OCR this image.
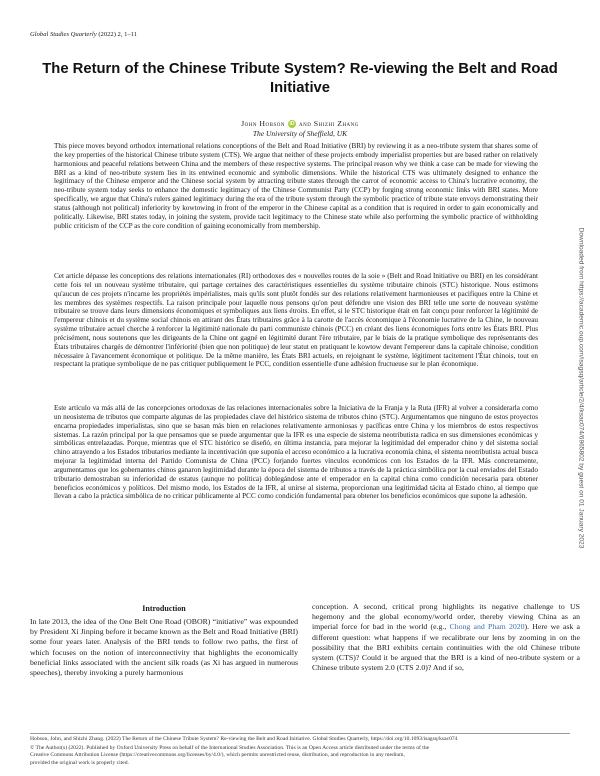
Global Studies Quarterly (2022) 2, 1–11
The Return of the Chinese Tribute System? Re-viewing the Belt and Road Initiative
John Hobson iD and Shizhi Zhang
The University of Sheffield, UK

This piece moves beyond orthodox international relations conceptions of the Belt and Road Initiative (BRI) by reviewing it as a neo-tribute system that shares some of the key properties of the historical Chinese tribute system (CTS). We argue that neither of these projects embody imperialist properties but are based rather on relatively harmonious and peaceful relations between China and the members of these respective systems. The principal reason why we think a case can be made for viewing the BRI as a kind of neo-tribute system lies in its entwined economic and symbolic dimensions. While the historical CTS was ultimately designed to enhance the legitimacy of the Chinese emperor and the Chinese social system by attracting tribute states through the carrot of economic access to China's lucrative economy, the neo-tribute system today seeks to enhance the domestic legitimacy of the Chinese Communist Party (CCP) by forging strong economic links with BRI states. More specifically, we argue that China's rulers gained legitimacy during the era of the tribute system through the symbolic practice of tribute state envoys demonstrating their status (although not political) inferiority by kowtowing in front of the emperor in the Chinese capital as a condition that is required in order to gain economically and politically. Likewise, BRI states today, in joining the system, provide tacit legitimacy to the Chinese state while also performing the symbolic practice of withholding public criticism of the CCP as the core condition of gaining economically from membership.

Cet article dépasse les conceptions des relations internationales (RI) orthodoxes des « nouvelles routes de la soie » (Belt and Road Initiative ou BRI) en les considérant cette fois tel un nouveau système tributaire, qui partage certaines des caractéristiques essentielles du système tributaire chinois (STC) historique. Nous estimons qu'aucun de ces projets n'incarne les propriétés impérialistes, mais qu'ils sont plutôt fondés sur des relations relativement harmonieuses et pacifiques entre la Chine et les membres des systèmes respectifs. La raison principale pour laquelle nous pensons qu'on peut défendre une vision des BRI telle une sorte de nouveau système tributaire se trouve dans leurs dimensions économiques et symboliques aux liens étroits. En effet, si le STC historique était en fait conçu pour renforcer la légitimité de l'empereur chinois et du système social chinois en attirant des États tributaires grâce à la carotte de l'accès économique à l'économie lucrative de la Chine, le nouveau système tributaire actuel cherche à renforcer la légitimité nationale du parti communiste chinois (PCC) en créant des liens économiques forts entre les États BRI. Plus précisément, nous soutenons que les dirigeants de la Chine ont gagné en légitimité durant l'ère tributaire, par le biais de la pratique symbolique des représentants des États tributaires chargés de démontrer l'infériorité (bien que non politique) de leur statut en pratiquant le kowtow devant l'empereur dans la capitale chinoise, condition nécessaire à l'avancement économique et politique. De la même manière, les États BRI actuels, en rejoignant le système, légitiment tacitement l'État chinois, tout en respectant la pratique symbolique de ne pas critiquer publiquement le PCC, condition essentielle d'une adhésion fructueuse sur le plan économique.

Este artículo va más allá de las concepciones ortodoxas de las relaciones internacionales sobre la Iniciativa de la Franja y la Ruta (IFR) al volver a considerarla como un neosistema de tributos que comparte algunas de las propiedades clave del histórico sistema de tributos chino (STC). Argumentamos que ninguno de estos proyectos encarna propiedades imperialistas, sino que se basan más bien en relaciones relativamente armoniosas y pacíficas entre China y los miembros de estos respectivos sistemas. La razón principal por la que pensamos que se puede argumentar que la IFR es una especie de sistema neotributista radica en sus dimensiones económicas y simbólicas entrelazadas. Porque, mientras que el STC histórico se diseñó, en última instancia, para mejorar la legitimidad del emperador chino y del sistema social chino atrayendo a los Estados tributarios mediante la incentivación que suponía el acceso económico a la lucrativa economía china, el sistema neotributista actual busca mejorar la legitimidad interna del Partido Comunista de China (PCC) forjando fuertes vínculos económicos con los Estados de la IFR. Más concretamente, argumentamos que los gobernantes chinos ganaron legitimidad durante la época del sistema de tributos a través de la práctica simbólica por la cual enviados del Estado tributario demostraban su inferioridad de estatus (aunque no política) doblegándose ante el emperador en la capital china como condición necesaria para obtener beneficios económicos y políticos. Del mismo modo, los Estados de la IFR, al unirse al sistema, proporcionan una legitimidad tácita al Estado chino, al tiempo que llevan a cabo la práctica simbólica de no criticar públicamente al PCC como condición fundamental para obtener los beneficios económicos que supone la adhesión.	Downloaded from https://academic.oup.com/isagsq/article/2/4/ksac074/6965802 by guest on 01 January 2023
Introduction

In late 2013, the idea of the One Belt One Road (OBOR) “initiative” was expounded by President Xi Jinping before it became known as the Belt and Road Initiative (BRI) some four years later. Analysis of the BRI tends to follow two paths, the first of which focuses on the notion of interconnectivity that highlights the economically beneficial links associated with the ancient silk roads (as Xi has argued in numerous speeches), thereby invoking a purely harmonious

conception. A second, critical prong highlights its negative challenge to US hegemony and the global economy/world order, thereby viewing China as an imperial force for bad in the world (e.g., Chong and Pham 2020). Here we ask a different question: what happens if we recalibrate our lens by zooming in on the possibility that the BRI exhibits certain continuities with the old Chinese tribute system (CTS)? Could it be argued that the BRI is a kind of neo-tribute system or a Chinese tribute system 2.0 (CTS 2.0)? And if so,

Hobson, John, and Shizhi Zhang. (2022) The Return of the Chinese Tribute System? Re-viewing the Belt and Road Initiative. Global Studies Quarterly, https://doi.org/10.1093/isagsq/ksac074

© The Author(s) (2022). Published by Oxford University Press on behalf of the International Studies Association. This is an Open Access article distributed under the terms of the

Creative Commons Attribution License (https://creativecommons.org/licenses/by/4.0/), which permits unrestricted reuse, distribution, and reproduction in any medium,

provided the original work is properly cited.
